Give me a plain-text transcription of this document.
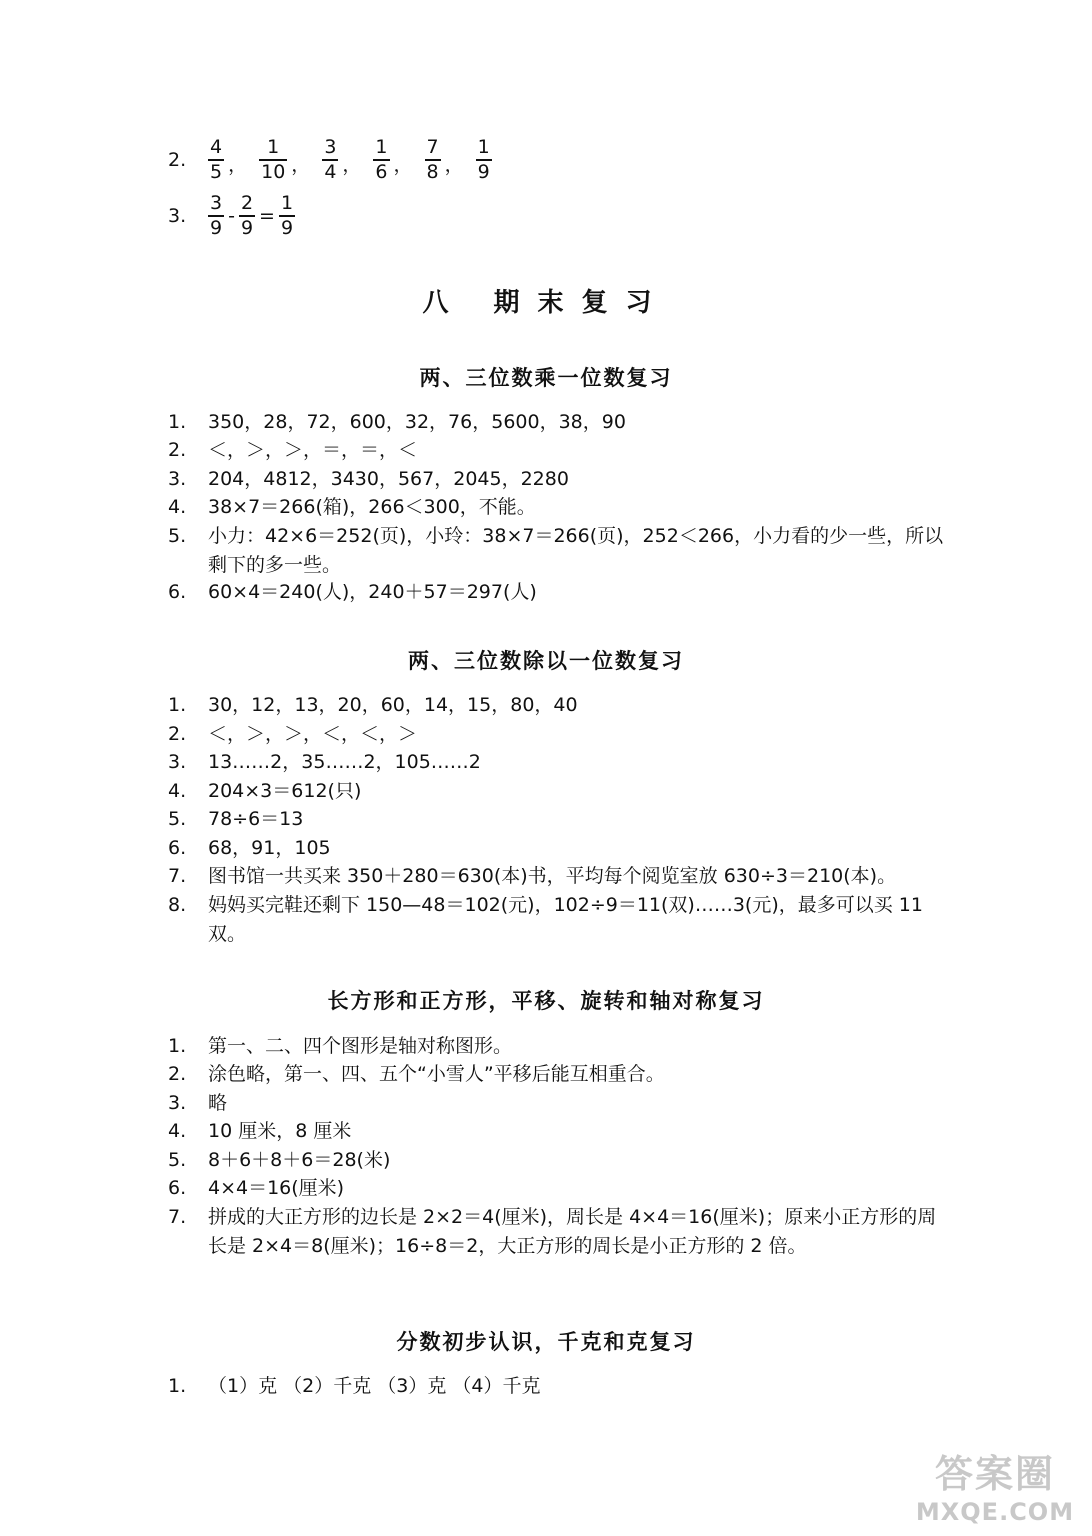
2.	$\frac{4}{5}$ ， $\frac{1}{10}$ ， $\frac{3}{4}$ ， $\frac{1}{6}$ ， $\frac{7}{8}$ ， $\frac{1}{9}$
3.	$\frac{3}{9} - \frac{2}{9} = \frac{1}{9}$
八 期末复习
两、三位数乘一位数复习
1.	350，28，72，600，32，76，5600，38，90
2.	＜，＞，＞，＝，＝，＜
3.	204，4812，3430，567，2045，2280
4.	38×7＝266(箱)，266＜300，不能。
5.	小力：42×6＝252(页)，小玲：38×7＝266(页)，252＜266，小力看的少一些，所以剩下的多一些。
6.	60×4＝240(人)，240＋57＝297(人)
两、三位数除以一位数复习
1.	30，12，13，20，60，14，15，80，40
2.	＜，＞，＞，＜，＜，＞
3.	13……2，35……2，105……2
4.	204×3＝612(只)
5.	78÷6＝13
6.	68，91，105
7.	图书馆一共买来 350＋280＝630(本)书，平均每个阅览室放 630÷3＝210(本)。
8.	妈妈买完鞋还剩下 150—48＝102(元)，102÷9＝11(双)……3(元)，最多可以买 11 双。
长方形和正方形，平移、旋转和轴对称复习
1.	第一、二、四个图形是轴对称图形。
2.	涂色略，第一、四、五个“小雪人”平移后能互相重合。
3.	略
4.	10 厘米，8 厘米
5.	8＋6＋8＋6＝28(米)
6.	4×4＝16(厘米)
7.	拼成的大正方形的边长是 2×2＝4(厘米)，周长是 4×4＝16(厘米)；原来小正方形的周长是 2×4＝8(厘米)；16÷8＝2，大正方形的周长是小正方形的 2 倍。
分数初步认识，千克和克复习
1.	（1）克 （2）千克 （3）克 （4）千克
答案圈
MXQE.COM
